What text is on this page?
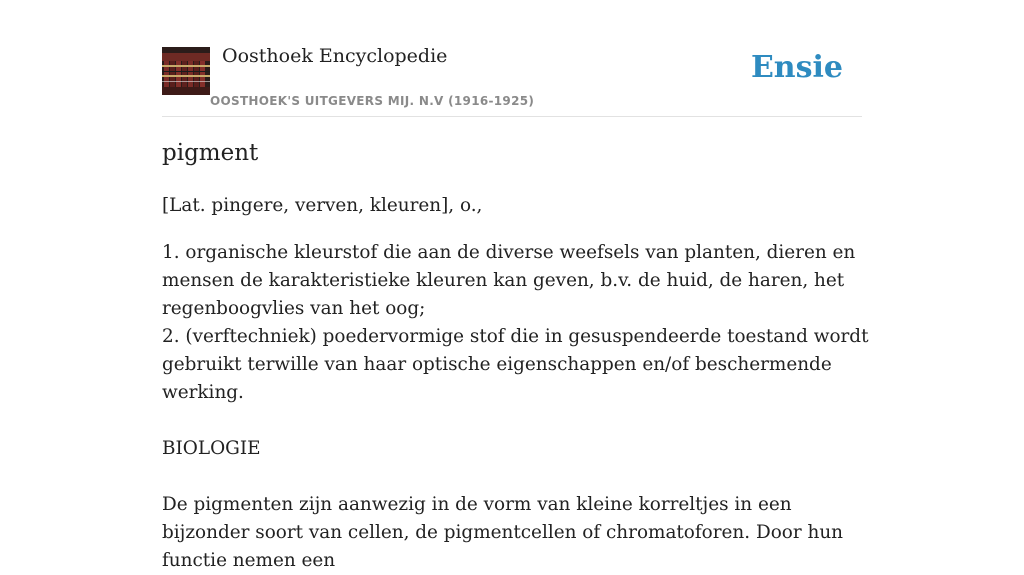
Oosthoek Encyclopedie
OOSTHOEK'S UITGEVERS MIJ. N.V (1916-1925)
Ensie
pigment

[Lat. pingere, verven, kleuren], o.,

1. organische kleurstof die aan de diverse weefsels van planten, dieren en mensen de karakteristieke kleuren kan geven, b.v. de huid, de haren, het regenboogvlies van het oog;

2. (verftechniek) poedervormige stof die in gesuspendeerde toestand wordt gebruikt terwille van haar optische eigenschappen en/of beschermende werking.

BIOLOGIE

De pigmenten zijn aanwezig in de vorm van kleine korreltjes in een bijzonder soort van cellen, de pigmentcellen of chromatoforen. Door hun functie nemen een
